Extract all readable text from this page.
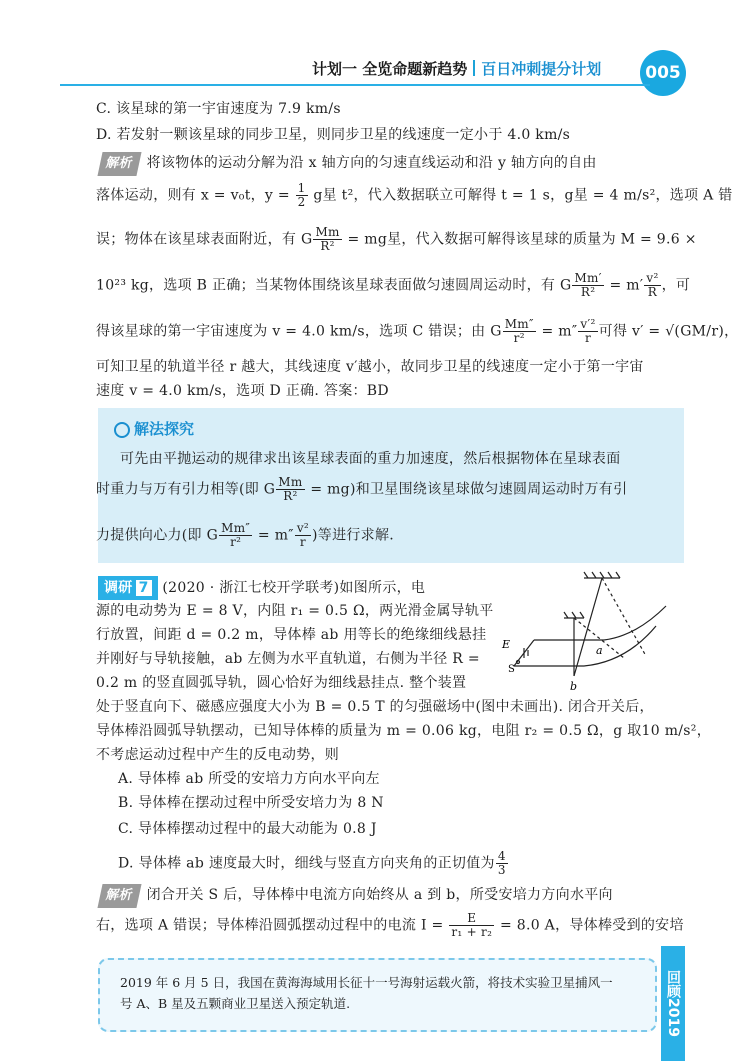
计划一 全览命题新趋势 百日冲刺提分计划	005
C. 该星球的第一宇宙速度为 7.9 km/s
D. 若发射一颗该星球的同步卫星，则同步卫星的线速度一定小于 4.0 km/s
解析 将该物体的运动分解为沿 x 轴方向的匀速直线运动和沿 y 轴方向的自由
落体运动，则有 x = v₀t，$y = \frac{1}{2}$ g星 t²，代入数据联立可解得 t = 1 s，g星 = 4 m/s²，选项 A 错
误；物体在该星球表面附近，有 G $\frac{Mm}{\text{R²}}$ = mg星，代入数据可解得该星球的质量为 M = 9.6 ×
10²³ kg，选项 B 正确；当某物体围绕该星球表面做匀速圆周运动时，有 G $\frac{Mm'}{\text{R²}} = m' \frac{\text{v²}}{R}$ ，可
得该星球的第一宇宙速度为 v = 4.0 km/s，选项 C 错误；由 G $\frac{Mm''}{\text{r²}} = m'' \frac{\text{v′²}}{r}$ 可得 v′ = √(GM/r)，
可知卫星的轨道半径 r 越大，其线速度 v′越小，故同步卫星的线速度一定小于第一宇宙
速度 v = 4.0 km/s，选项 D 正确. 答案：BD
解法探究
可先由平抛运动的规律求出该星球表面的重力加速度，然后根据物体在星球表面
时重力与万有引力相等(即 G $\frac{Mm}{\text{R²}} = mg$)和卫星围绕该星球做匀速圆周运动时万有引
力提供向心力(即 G $\frac{Mm''}{\text{r²}} = m'' \frac{\text{v²}}{r}$ )等进行求解.
调研 7 (2020 · 浙江七校开学联考)如图所示，电
源的电动势为 E = 8 V，内阻 r₁ = 0.5 Ω，两光滑金属导轨平
行放置，间距 d = 0.2 m，导体棒 ab 用等长的绝缘细线悬挂
并刚好与导轨接触，ab 左侧为水平直轨道，右侧为半径 R =
0.2 m 的竖直圆弧导轨，圆心恰好为细线悬挂点. 整个装置
处于竖直向下、磁感应强度大小为 B = 0.5 T 的匀强磁场中(图中未画出). 闭合开关后，
导体棒沿圆弧导轨摆动，已知导体棒的质量为 m = 0.06 kg，电阻 r₂ = 0.5 Ω，g 取10 m/s²，
不考虑运动过程中产生的反电动势，则
A. 导体棒 ab 所受的安培力方向水平向左
B. 导体棒在摆动过程中所受安培力为 8 N
C. 导体棒摆动过程中的最大动能为 0.8 J
D. 导体棒 ab 速度最大时，细线与竖直方向夹角的正切值为 $\frac{4}{3}$
E
S
a
b
解析 闭合开关 S 后，导体棒中电流方向始终从 a 到 b，所受安培力方向水平向
右，选项 A 错误；导体棒沿圆弧摆动过程中的电流 $I = \frac{E}{\text{r₁ + r₂}} = 8.0$ A，导体棒受到的安培
2019 年 6 月 5 日，我国在黄海海域用长征十一号海射运载火箭，将技术实验卫星捕风一
号 A、B 星及五颗商业卫星送入预定轨道.	回顾2019
